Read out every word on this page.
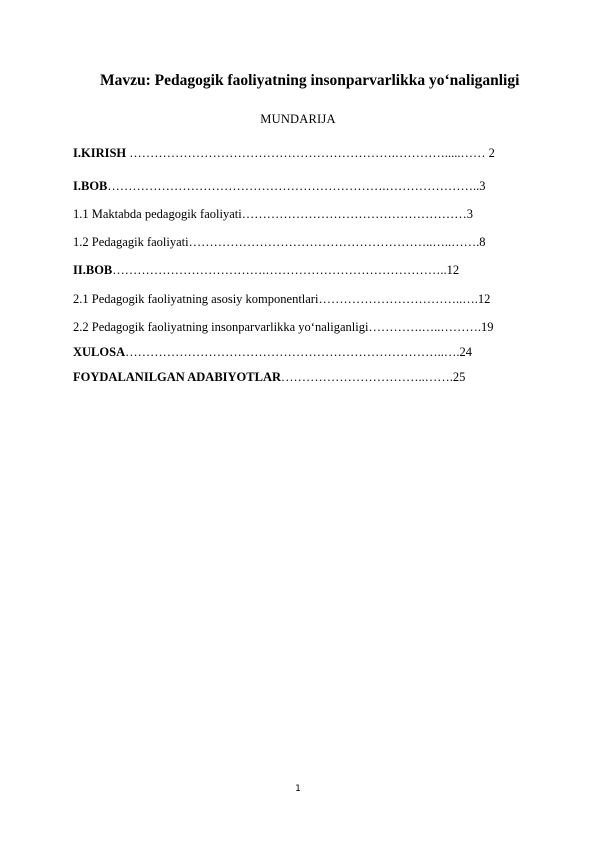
Mavzu: Pedagogik faoliyatning insonparvarlikka yo‘naliganligi
MUNDARIJA
I.KIRISH ……………………………………………………….………….....…… 2
I.BOB………………………………………………………….…………………..3
1.1 Maktabda pedagogik faoliyati………………………………………………3
1.2 Pedagagik faoliyati…………………………………………………..…..…….8
II.BOB……………………………….……………………………………..12
2.1 Pedagogik faoliyatning asosiy komponentlari……………………………..….12
2.2 Pedagogik faoliyatning insonparvarlikka yo‘naliganligi………….…..……….19
XULOSA…………………………………………………………………..….24
FOYDALANILGAN ADABIYOTLAR……………………………..…….25
1
